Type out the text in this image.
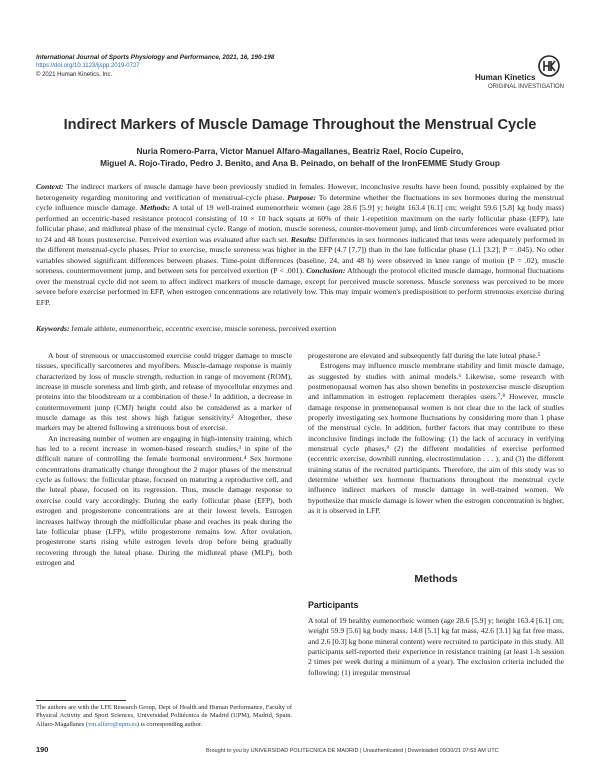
International Journal of Sports Physiology and Performance, 2021, 16, 190-198
https://doi.org/10.1123/ijspp.2019-0727
© 2021 Human Kinetics, Inc.	Human Kinetics
ORIGINAL INVESTIGATION
Indirect Markers of Muscle Damage Throughout the Menstrual Cycle
Nuria Romero-Parra, Victor Manuel Alfaro-Magallanes, Beatriz Rael, Rocío Cupeiro,
Miguel A. Rojo-Tirado, Pedro J. Benito, and Ana B. Peinado, on behalf of the IronFEMME Study Group
Context: The indirect markers of muscle damage have been previously studied in females. However, inconclusive results have been found, possibly explained by the heterogeneity regarding monitoring and verification of menstrual-cycle phase. Purpose: To determine whether the fluctuations in sex hormones during the menstrual cycle influence muscle damage. Methods: A total of 19 well-trained eumenorrheic women (age 28.6 [5.9] y; height 163.4 [6.1] cm; weight 59.6 [5.8] kg body mass) performed an eccentric-based resistance protocol consisting of 10 × 10 back squats at 60% of their 1-repetition maximum on the early follicular phase (EFP), late follicular phase, and midluteal phase of the menstrual cycle. Range of motion, muscle soreness, counter-movement jump, and limb circumferences were evaluated prior to 24 and 48 hours postexercise. Perceived exertion was evaluated after each set. Results: Differences in sex hormones indicated that tests were adequately performed in the different menstrual-cycle phases. Prior to exercise, muscle soreness was higher in the EFP (4.7 [7.7]) than in the late follicular phase (1.1 [3.2]; P = .045). No other variables showed significant differences between phases. Time-point differences (baseline, 24, and 48 h) were observed in knee range of motion (P = .02), muscle soreness, countermovement jump, and between sets for perceived exertion (P < .001). Conclusion: Although the protocol elicited muscle damage, hormonal fluctuations over the menstrual cycle did not seem to affect indirect markers of muscle damage, except for perceived muscle soreness. Muscle soreness was perceived to be more severe before exercise performed in EFP, when estrogen concentrations are relatively low. This may impair women's predisposition to perform strenuous exercise during EFP.
Keywords: female athlete, eumenorrheic, eccentric exercise, muscle soreness, perceived exertion

A bout of strenuous or unaccustomed exercise could trigger damage to muscle tissues, specifically sarcomeres and myofibers. Muscle-damage response is mainly characterized by loss of muscle strength, reduction in range of movement (ROM), increase in muscle soreness and limb girth, and release of myocellular enzymes and proteins into the bloodstream or a combination of these.¹ In addition, a decrease in countermovement jump (CMJ) height could also be considered as a marker of muscle damage as this test shows high fatigue sensitivity.² Altogether, these markers may be altered following a strenuous bout of exercise.

An increasing number of women are engaging in high-intensity training, which has led to a recent increase in women-based research studies,³ in spite of the difficult nature of controlling the female hormonal environment.⁴ Sex hormone concentrations dramatically change throughout the 2 major phases of the menstrual cycle as follows: the follicular phase, focused on maturing a reproductive cell, and the luteal phase, focused on its regression. Thus, muscle damage response to exercise could vary accordingly. During the early follicular phase (EFP), both estrogen and progesterone concentrations are at their lowest levels. Estrogen increases halfway through the midfollicular phase and reaches its peak during the late follicular phase (LFP), while progesterone remains low. After ovulation, progesterone starts rising while estrogen levels drop before being gradually recovering through the luteal phase. During the midluteal phase (MLP), both estrogen and

progesterone are elevated and subsequently fall during the late luteal phase.⁵

Estrogens may influence muscle membrane stability and limit muscle damage, as suggested by studies with animal models.⁶ Likewise, some research with postmenopausal women has also shown benefits in postexercise muscle disruption and inflammation in estrogen replacement therapies users.⁷,⁸ However, muscle damage response in premenopausal women is not clear due to the lack of studies properly investigating sex hormone fluctuations by considering more than 1 phase of the menstrual cycle. In addition, further factors that may contribute to these inconclusive findings include the following: (1) the lack of accuracy in verifying menstrual cycle phases,⁹ (2) the different modalities of exercise performed (eccentric exercise, downhill running, electrostimulation . . . ), and (3) the different training status of the recruited participants. Therefore, the aim of this study was to determine whether sex hormone fluctuations throughout the menstrual cycle influence indirect markers of muscle damage in well-trained women. We hypothesize that muscle damage is lower when the estrogen concentration is higher, as it is observed in LFP.

Methods
Participants

A total of 19 healthy eumenorrheic women (age 28.6 [5.9] y; height 163.4 [6.1] cm; weight 59.9 [5.6] kg body mass, 14.8 [5.1] kg fat mass, 42.6 [3.1] kg fat free mass, and 2.6 [0.3] kg bone mineral content) were recruited to participate in this study. All participants self-reported their experience in resistance training (at least 1-h session 2 times per week during a minimum of a year). The exclusion criteria included the following: (1) irregular menstrual

The authors are with the LFE Research Group, Dept of Health and Human Performance, Faculty of Physical Activity and Sport Sciences, Universidad Politécnica de Madrid (UPM), Madrid, Spain. Alfaro-Magallanes (vm.alfaro@upm.es) is corresponding author.
190	Brought to you by UNIVERSIDAD POLITECNICA DE MADRID | Unauthenticated | Downloaded 09/30/21 07:53 AM UTC
